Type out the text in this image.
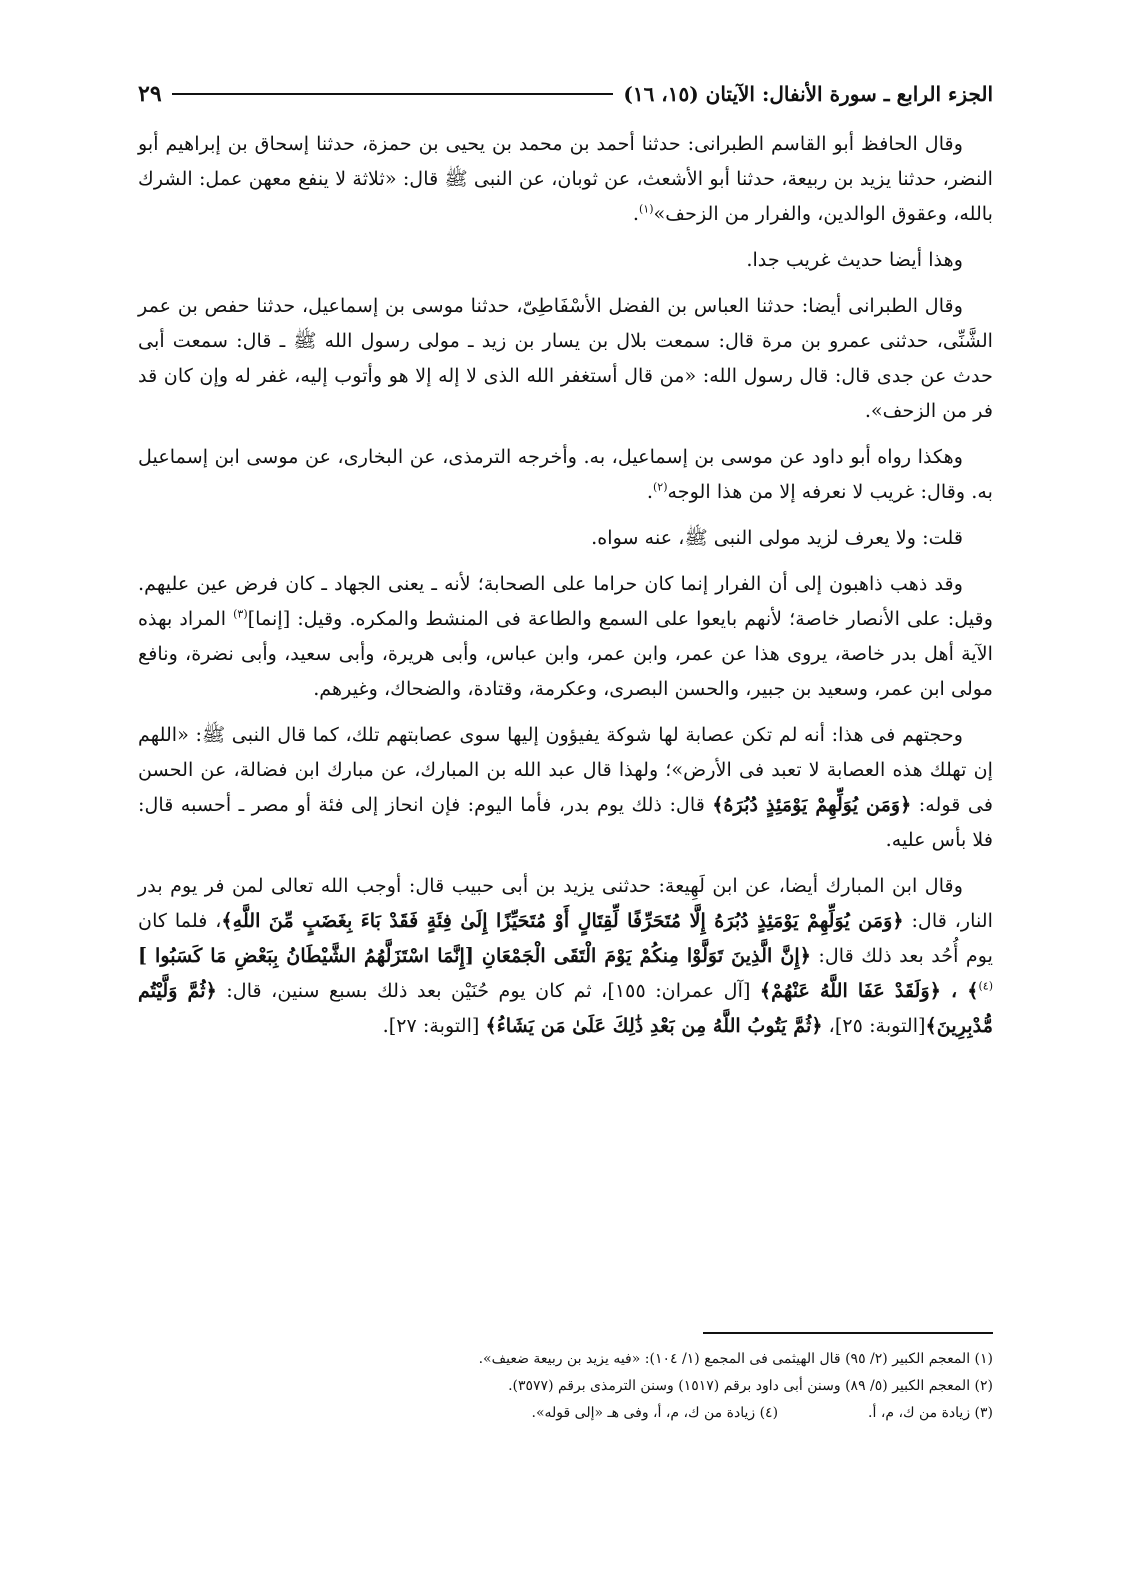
الجزء الرابع ـ سورة الأنفال: الآيتان (١٥، ١٦)
٢٩

وقال الحافظ أبو القاسم الطبرانى: حدثنا أحمد بن محمد بن يحيى بن حمزة، حدثنا إسحاق بن إبراهيم أبو النضر، حدثنا يزيد بن ربيعة، حدثنا أبو الأشعث، عن ثوبان، عن النبى ﷺ قال: «ثلاثة لا ينفع معهن عمل: الشرك بالله، وعقوق الوالدين، والفرار من الزحف»$^{(١)}$.

وهذا أيضا حديث غريب جدا.

وقال الطبرانى أيضا: حدثنا العباس بن الفضل الأسْفَاطِىّ، حدثنا موسى بن إسماعيل، حدثنا حفص بن عمر الشَّنِّى، حدثنى عمرو بن مرة قال: سمعت بلال بن يسار بن زيد ـ مولى رسول الله ﷺ ـ قال: سمعت أبى حدث عن جدى قال: قال رسول الله: «من قال أستغفر الله الذى لا إله إلا هو وأتوب إليه، غفر له وإن كان قد فر من الزحف».

وهكذا رواه أبو داود عن موسى بن إسماعيل، به. وأخرجه الترمذى، عن البخارى، عن موسى ابن إسماعيل به. وقال: غريب لا نعرفه إلا من هذا الوجه$^{(٢)}$.

قلت: ولا يعرف لزيد مولى النبى ﷺ، عنه سواه.

وقد ذهب ذاهبون إلى أن الفرار إنما كان حراما على الصحابة؛ لأنه ـ يعنى الجهاد ـ كان فرض عين عليهم. وقيل: على الأنصار خاصة؛ لأنهم بايعوا على السمع والطاعة فى المنشط والمكره. وقيل: [إنما]$^{(٣)}$ المراد بهذه الآية أهل بدر خاصة، يروى هذا عن عمر، وابن عمر، وابن عباس، وأبى هريرة، وأبى سعيد، وأبى نضرة، ونافع مولى ابن عمر، وسعيد بن جبير، والحسن البصرى، وعكرمة، وقتادة، والضحاك، وغيرهم.

وحجتهم فى هذا: أنه لم تكن عصابة لها شوكة يفيؤون إليها سوى عصابتهم تلك، كما قال النبى ﷺ: «اللهم إن تهلك هذه العصابة لا تعبد فى الأرض»؛ ولهذا قال عبد الله بن المبارك، عن مبارك ابن فضالة، عن الحسن فى قوله: ﴿وَمَن يُوَلِّهِمْ يَوْمَئِذٍ دُبُرَهُ﴾ قال: ذلك يوم بدر، فأما اليوم: فإن انحاز إلى فئة أو مصر ـ أحسبه قال: فلا بأس عليه.

وقال ابن المبارك أيضا، عن ابن لَهِيعة: حدثنى يزيد بن أبى حبيب قال: أوجب الله تعالى لمن فر يوم بدر النار، قال: ﴿وَمَن يُوَلِّهِمْ يَوْمَئِذٍ دُبُرَهُ إِلَّا مُتَحَرِّفًا لِّقِتَالٍ أَوْ مُتَحَيِّزًا إِلَىٰ فِئَةٍ فَقَدْ بَاءَ بِغَضَبٍ مِّنَ اللَّهِ﴾، فلما كان يوم أُحُد بعد ذلك قال: ﴿إِنَّ الَّذِينَ تَوَلَّوْا مِنكُمْ يَوْمَ الْتَقَى الْجَمْعَانِ [إِنَّمَا اسْتَزَلَّهُمُ الشَّيْطَانُ بِبَعْضِ مَا كَسَبُوا ]$^{(٤)}$﴾ ، ﴿وَلَقَدْ عَفَا اللَّهُ عَنْهُمْ﴾ [آل عمران: ١٥٥]، ثم كان يوم حُنَيْن بعد ذلك بسبع سنين، قال: ﴿ثُمَّ وَلَّيْتُم مُّدْبِرِينَ﴾[التوبة: ٢٥]، ﴿ثُمَّ يَتُوبُ اللَّهُ مِن بَعْدِ ذَٰلِكَ عَلَىٰ مَن يَشَاءُ﴾ [التوبة: ٢٧].

(١) المعجم الكبير (٢/ ٩٥) قال الهيثمى فى المجمع (١/ ١٠٤): «فيه يزيد بن ربيعة ضعيف».

(٢) المعجم الكبير (٥/ ٨٩) وسنن أبى داود برقم (١٥١٧) وسنن الترمذى برقم (٣٥٧٧).

(٣) زيادة من ك، م، أ.

(٤) زيادة من ك، م، أ، وفى هـ «إلى قوله».
